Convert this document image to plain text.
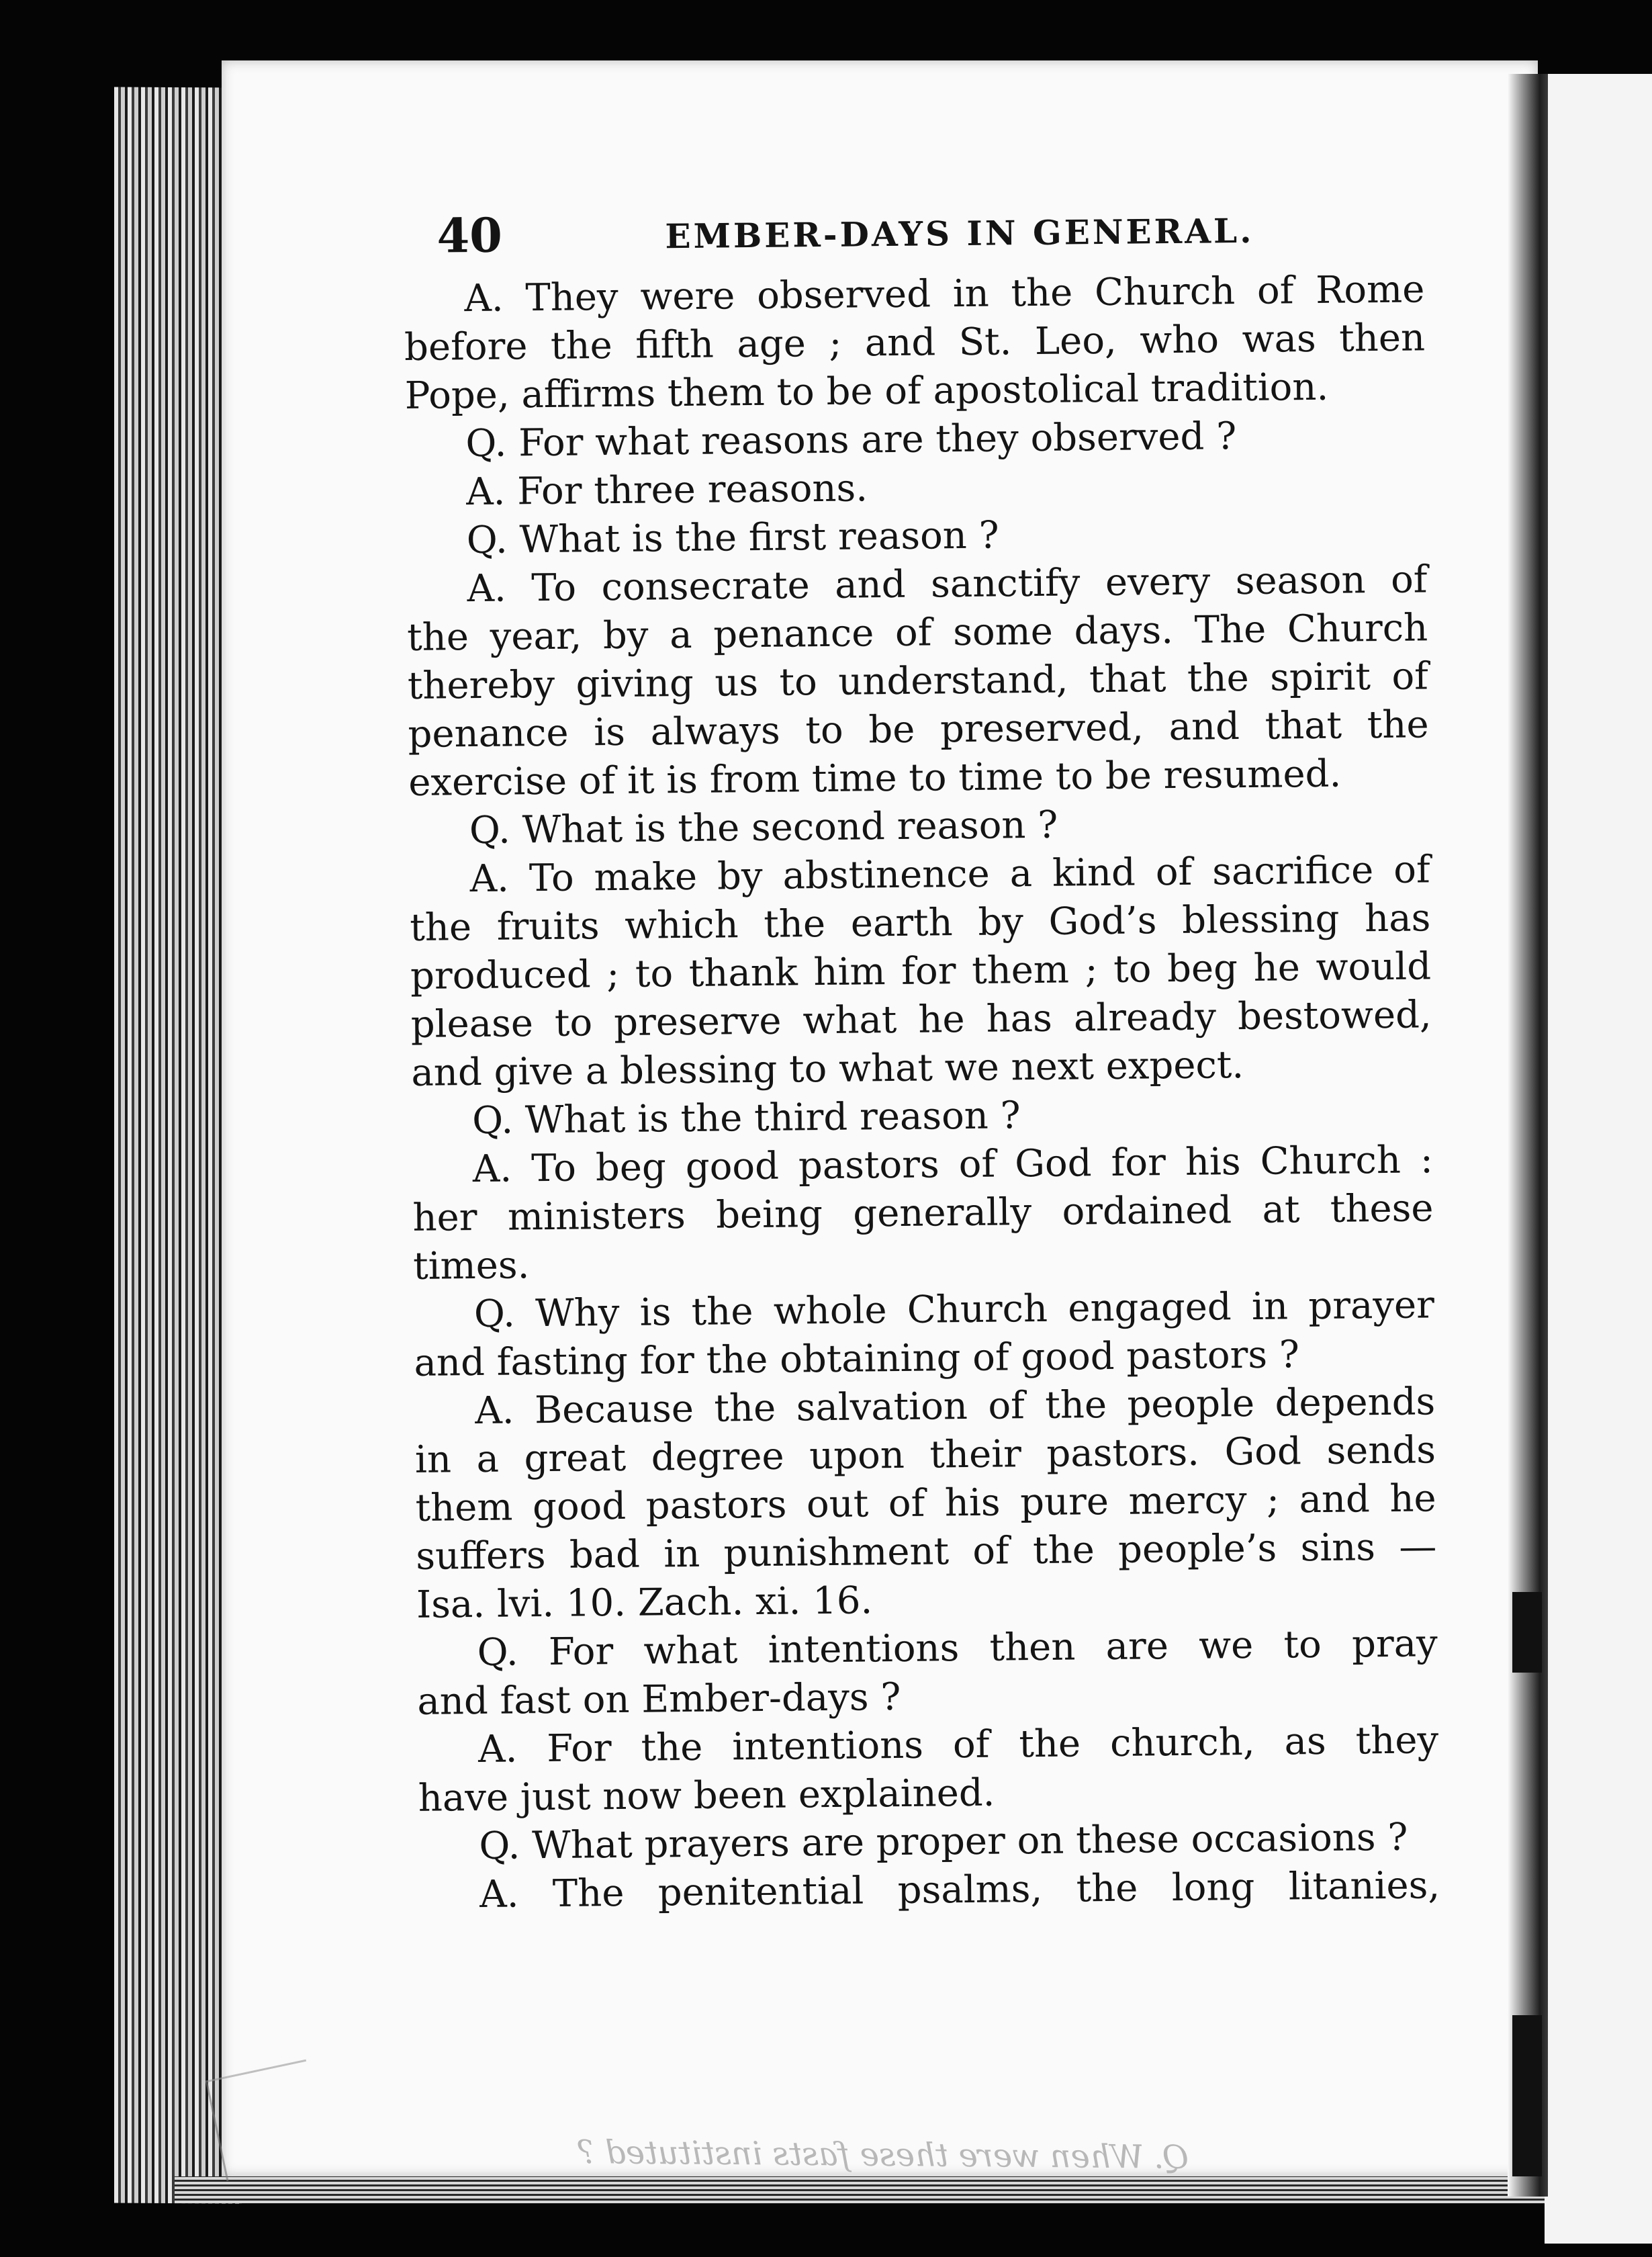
Q. When were these fasts instituted ?
40	EMBER-DAYS IN GENERAL.
A. They were observed in the Church of Rome
before the fifth age ; and St. Leo, who was then
Pope, affirms them to be of apostolical tradition.
Q. For what reasons are they observed ?
A. For three reasons.
Q. What is the first reason ?
A. To consecrate and sanctify every season of
the year, by a penance of some days. The Church
thereby giving us to understand, that the spirit of
penance is always to be preserved, and that the
exercise of it is from time to time to be resumed.
Q. What is the second reason ?
A. To make by abstinence a kind of sacrifice of
the fruits which the earth by God’s blessing has
produced ; to thank him for them ; to beg he would
please to preserve what he has already bestowed,
and give a blessing to what we next expect.
Q. What is the third reason ?
A. To beg good pastors of God for his Church :
her ministers being generally ordained at these
times.
Q. Why is the whole Church engaged in prayer
and fasting for the obtaining of good pastors ?
A. Because the salvation of the people depends
in a great degree upon their pastors. God sends
them good pastors out of his pure mercy ; and he
suffers bad in punishment of the people’s sins —
Isa. lvi. 10. Zach. xi. 16.
Q. For what intentions then are we to pray
and fast on Ember-days ?
A. For the intentions of the church, as they
have just now been explained.
Q. What prayers are proper on these occasions ?
A. The penitential psalms, the long litanies,
